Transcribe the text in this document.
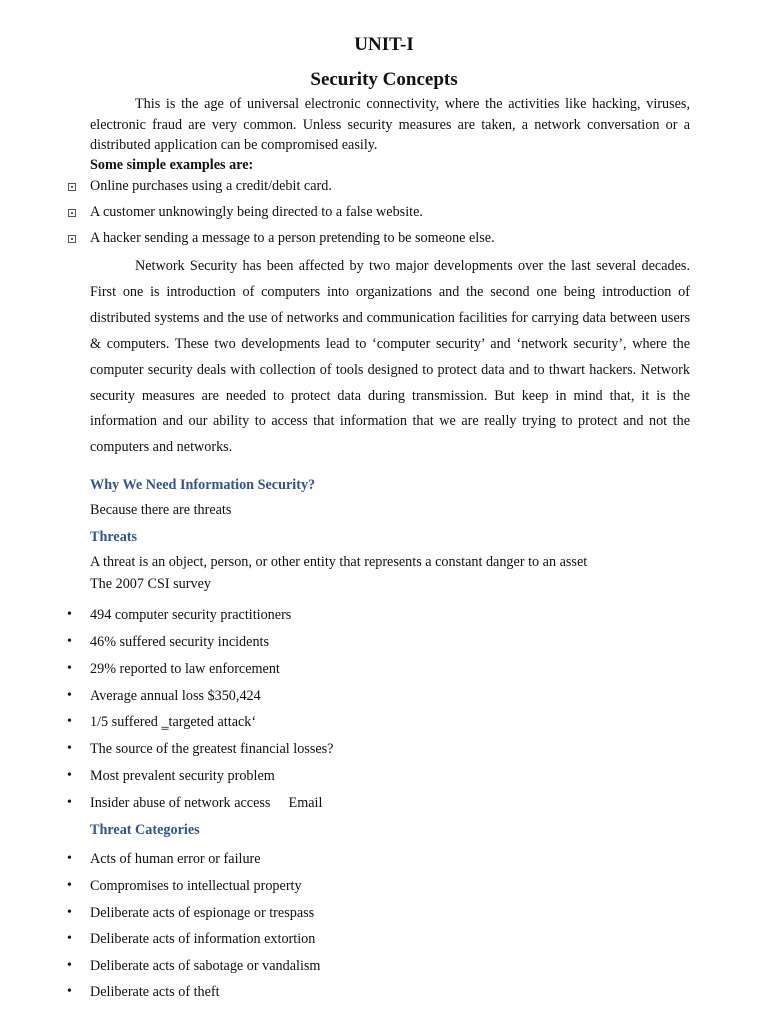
UNIT-I
Security Concepts
This is the age of universal electronic connectivity, where the activities like hacking, viruses, electronic fraud are very common. Unless security measures are taken, a network conversation or a distributed application can be compromised easily.
Some simple examples are:
Online purchases using a credit/debit card.
A customer unknowingly being directed to a false website.
A hacker sending a message to a person pretending to be someone else.
Network Security has been affected by two major developments over the last several decades. First one is introduction of computers into organizations and the second one being introduction of distributed systems and the use of networks and communication facilities for carrying data between users & computers. These two developments lead to ‘computer security’ and ‘network security’, where the computer security deals with collection of tools designed to protect data and to thwart hackers. Network security measures are needed to protect data during transmission. But keep in mind that, it is the information and our ability to access that information that we are really trying to protect and not the computers and networks.
Why We Need Information Security?
Because there are threats
Threats
A threat is an object, person, or other entity that represents a constant danger to an asset
The 2007 CSI survey
• 494 computer security practitioners
• 46% suffered security incidents
• 29% reported to law enforcement
• Average annual loss $350,424
• 1/5 suffered ‗targeted attack‘
• The source of the greatest financial losses?
• Most prevalent security problem
• Insider abuse of network access Email
Threat Categories
• Acts of human error or failure
• Compromises to intellectual property
• Deliberate acts of espionage or trespass
• Deliberate acts of information extortion
• Deliberate acts of sabotage or vandalism
• Deliberate acts of theft
